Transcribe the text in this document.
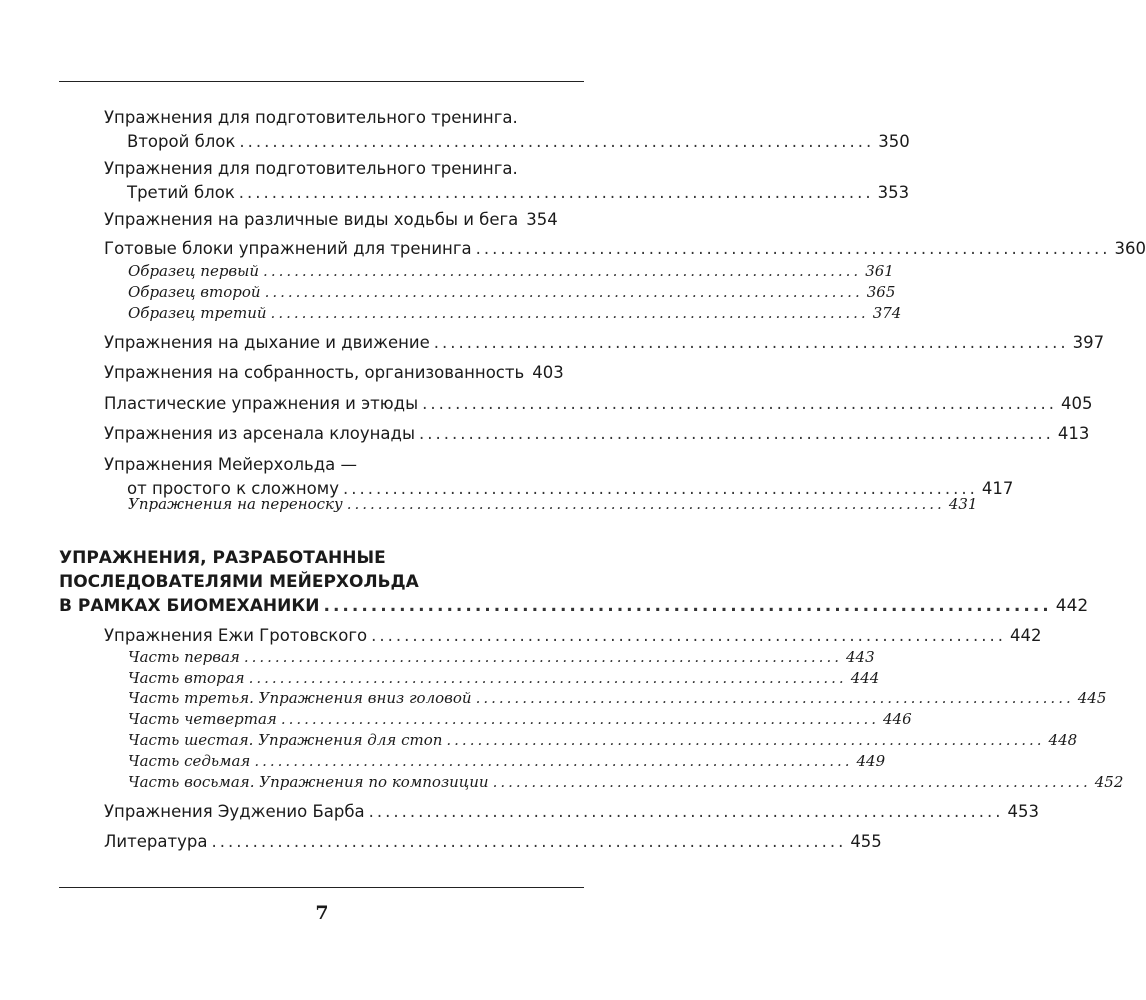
Упражнения для подготовительного тренинга.
Второй блок ............................................................................. 350
Упражнения для подготовительного тренинга.
Третий блок ............................................................................. 353
Упражнения на различные виды ходьбы и бега 354
Готовые блоки упражнений для тренинга ............................................................................. 360
Образец первый ............................................................................. 361
Образец второй ............................................................................. 365
Образец третий ............................................................................. 374
Упражнения на дыхание и движение ............................................................................. 397
Упражнения на собранность, организованность 403
Пластические упражнения и этюды ............................................................................. 405
Упражнения из арсенала клоунады ............................................................................. 413
Упражнения Мейерхольда —
от простого к сложному ............................................................................. 417
Упражнения на переноску ............................................................................. 431
УПРАЖНЕНИЯ, РАЗРАБОТАННЫЕ
ПОСЛЕДОВАТЕЛЯМИ МЕЙЕРХОЛЬДА
В РАМКАХ БИОМЕХАНИКИ ............................................................................. 442
Упражнения Ежи Гротовского ............................................................................. 442
Часть первая ............................................................................. 443
Часть вторая ............................................................................. 444
Часть третья. Упражнения вниз головой ............................................................................. 445
Часть четвертая ............................................................................. 446
Часть шестая. Упражнения для стоп ............................................................................. 448
Часть седьмая ............................................................................. 449
Часть восьмая. Упражнения по композиции ............................................................................. 452
Упражнения Эудженио Барба ............................................................................. 453
Литература ............................................................................. 455
7
